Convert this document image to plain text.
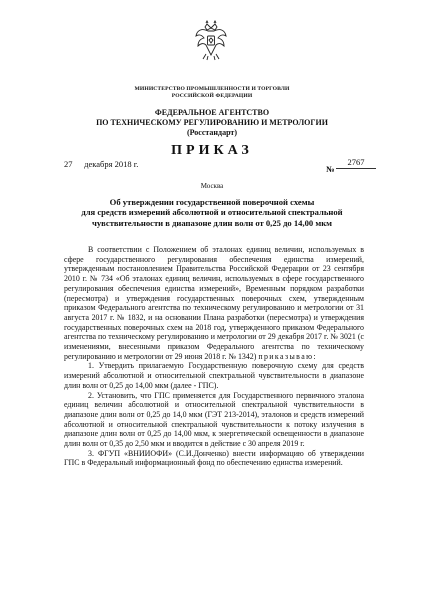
МИНИСТЕРСТВО ПРОМЫШЛЕННОСТИ И ТОРГОВЛИ
РОССИЙСКОЙ ФЕДЕРАЦИИ
ФЕДЕРАЛЬНОЕ АГЕНТСТВО
ПО ТЕХНИЧЕСКОМУ РЕГУЛИРОВАНИЮ И МЕТРОЛОГИИ
(Росстандарт)
ПРИКАЗ
27 декабря 2018 г.	№
2767
Москва
Об утверждении государственной поверочной схемы
для средств измерений абсолютной и относительной спектральной
чувствительности в диапазоне длин волн от 0,25 до 14,00 мкм

В соответствии с Положением об эталонах единиц величин, используемых в сфере государственного регулирования обеспечения единства измерений, утвержденным постановлением Правительства Российской Федерации от 23 сентября 2010 г. № 734 «Об эталонах единиц величин, используемых в сфере государственного регулирования обеспечения единства измерений», Временным порядком разработки (пересмотра) и утверждения государственных поверочных схем, утвержденным приказом Федерального агентства по техническому регулированию и метрологии от 31 августа 2017 г. № 1832, и на основании Плана разработки (пересмотра) и утверждения государственных поверочных схем на 2018 год, утвержденного приказом Федерального агентства по техническому регулированию и метрологии от 29 декабря 2017 г. № 3021 (с изменениями, внесенными приказом Федерального агентства по техническому регулированию и метрологии от 29 июня 2018 г. № 1342) приказываю:

1. Утвердить прилагаемую Государственную поверочную схему для средств измерений абсолютной и относительной спектральной чувствительности в диапазоне длин волн от 0,25 до 14,00 мкм (далее - ГПС).

2. Установить, что ГПС применяется для Государственного первичного эталона единиц величин абсолютной и относительной спектральной чувствительности в диапазоне длин волн от 0,25 до 14,0 мкм (ГЭТ 213-2014), эталонов и средств измерений абсолютной и относительной спектральной чувствительности к потоку излучения в диапазоне длин волн от 0,25 до 14,00 мкм, к энергетической освещенности в диапазоне длин волн от 0,35 до 2,50 мкм и вводится в действие с 30 апреля 2019 г.

3. ФГУП «ВНИИОФИ» (С.И.Донченко) внести информацию об утверждении ГПС в Федеральный информационный фонд по обеспечению единства измерений.
